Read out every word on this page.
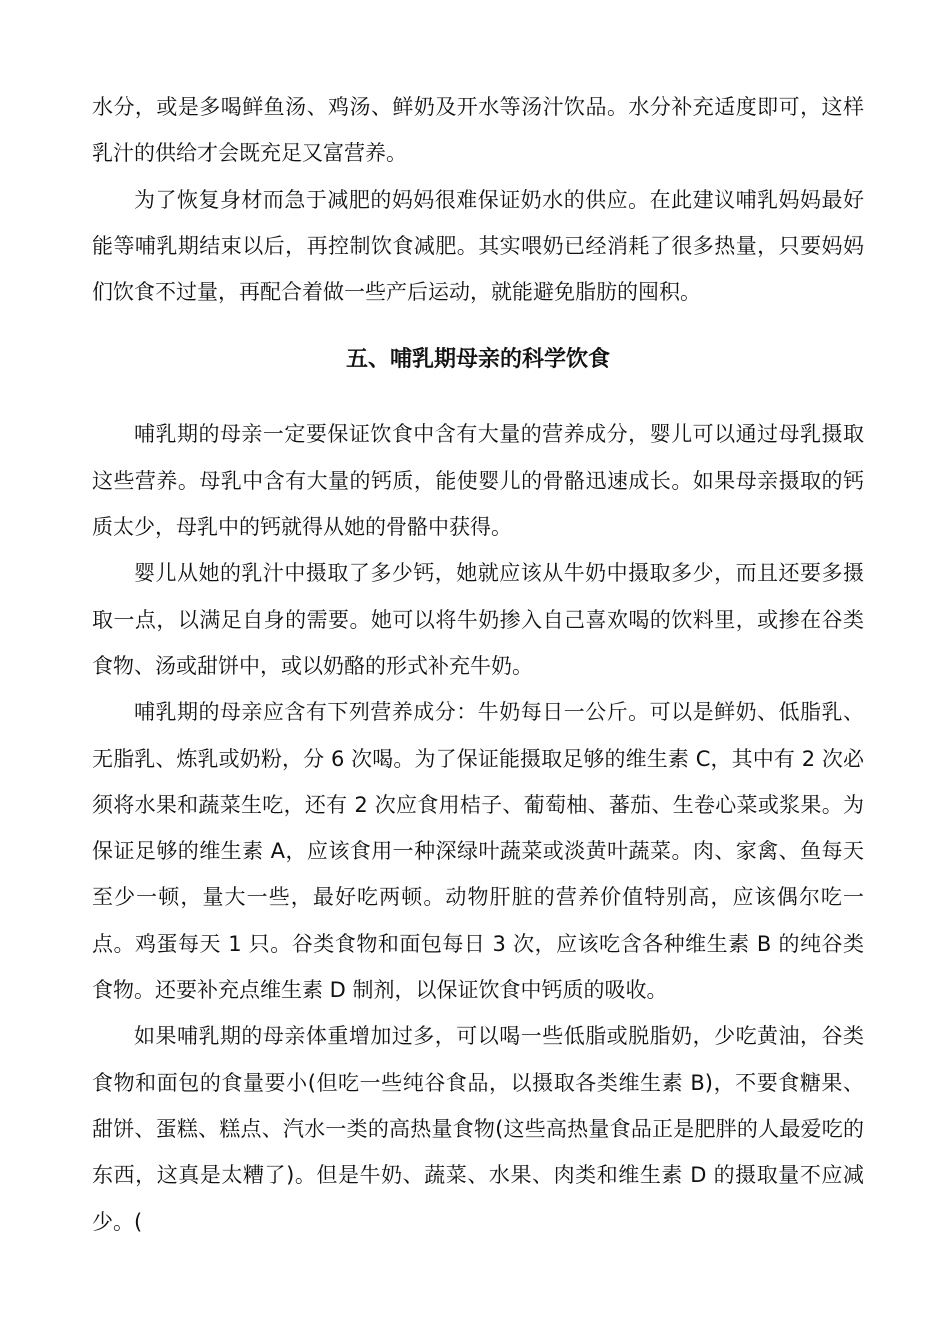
水分，或是多喝鲜鱼汤、鸡汤、鲜奶及开水等汤汁饮品。水分补充适度即可，这样乳汁的供给才会既充足又富营养。

为了恢复身材而急于减肥的妈妈很难保证奶水的供应。在此建议哺乳妈妈最好能等哺乳期结束以后，再控制饮食减肥。其实喂奶已经消耗了很多热量，只要妈妈们饮食不过量，再配合着做一些产后运动，就能避免脂肪的囤积。

五、哺乳期母亲的科学饮食

哺乳期的母亲一定要保证饮食中含有大量的营养成分，婴儿可以通过母乳摄取这些营养。母乳中含有大量的钙质，能使婴儿的骨骼迅速成长。如果母亲摄取的钙质太少，母乳中的钙就得从她的骨骼中获得。

婴儿从她的乳汁中摄取了多少钙，她就应该从牛奶中摄取多少，而且还要多摄取一点，以满足自身的需要。她可以将牛奶掺入自己喜欢喝的饮料里，或掺在谷类食物、汤或甜饼中，或以奶酪的形式补充牛奶。

哺乳期的母亲应含有下列营养成分：牛奶每日一公斤。可以是鲜奶、低脂乳、无脂乳、炼乳或奶粉，分 6 次喝。为了保证能摄取足够的维生素 C，其中有 2 次必须将水果和蔬菜生吃，还有 2 次应食用桔子、葡萄柚、蕃茄、生卷心菜或浆果。为保证足够的维生素 A，应该食用一种深绿叶蔬菜或淡黄叶蔬菜。肉、家禽、鱼每天至少一顿，量大一些，最好吃两顿。动物肝脏的营养价值特别高，应该偶尔吃一点。鸡蛋每天 1 只。谷类食物和面包每日 3 次，应该吃含各种维生素 B 的纯谷类食物。还要补充点维生素 D 制剂，以保证饮食中钙质的吸收。

如果哺乳期的母亲体重增加过多，可以喝一些低脂或脱脂奶，少吃黄油，谷类食物和面包的食量要小(但吃一些纯谷食品，以摄取各类维生素 B)，不要食糖果、甜饼、蛋糕、糕点、汽水一类的高热量食物(这些高热量食品正是肥胖的人最爱吃的东西，这真是太糟了)。但是牛奶、蔬菜、水果、肉类和维生素 D 的摄取量不应减少。(
